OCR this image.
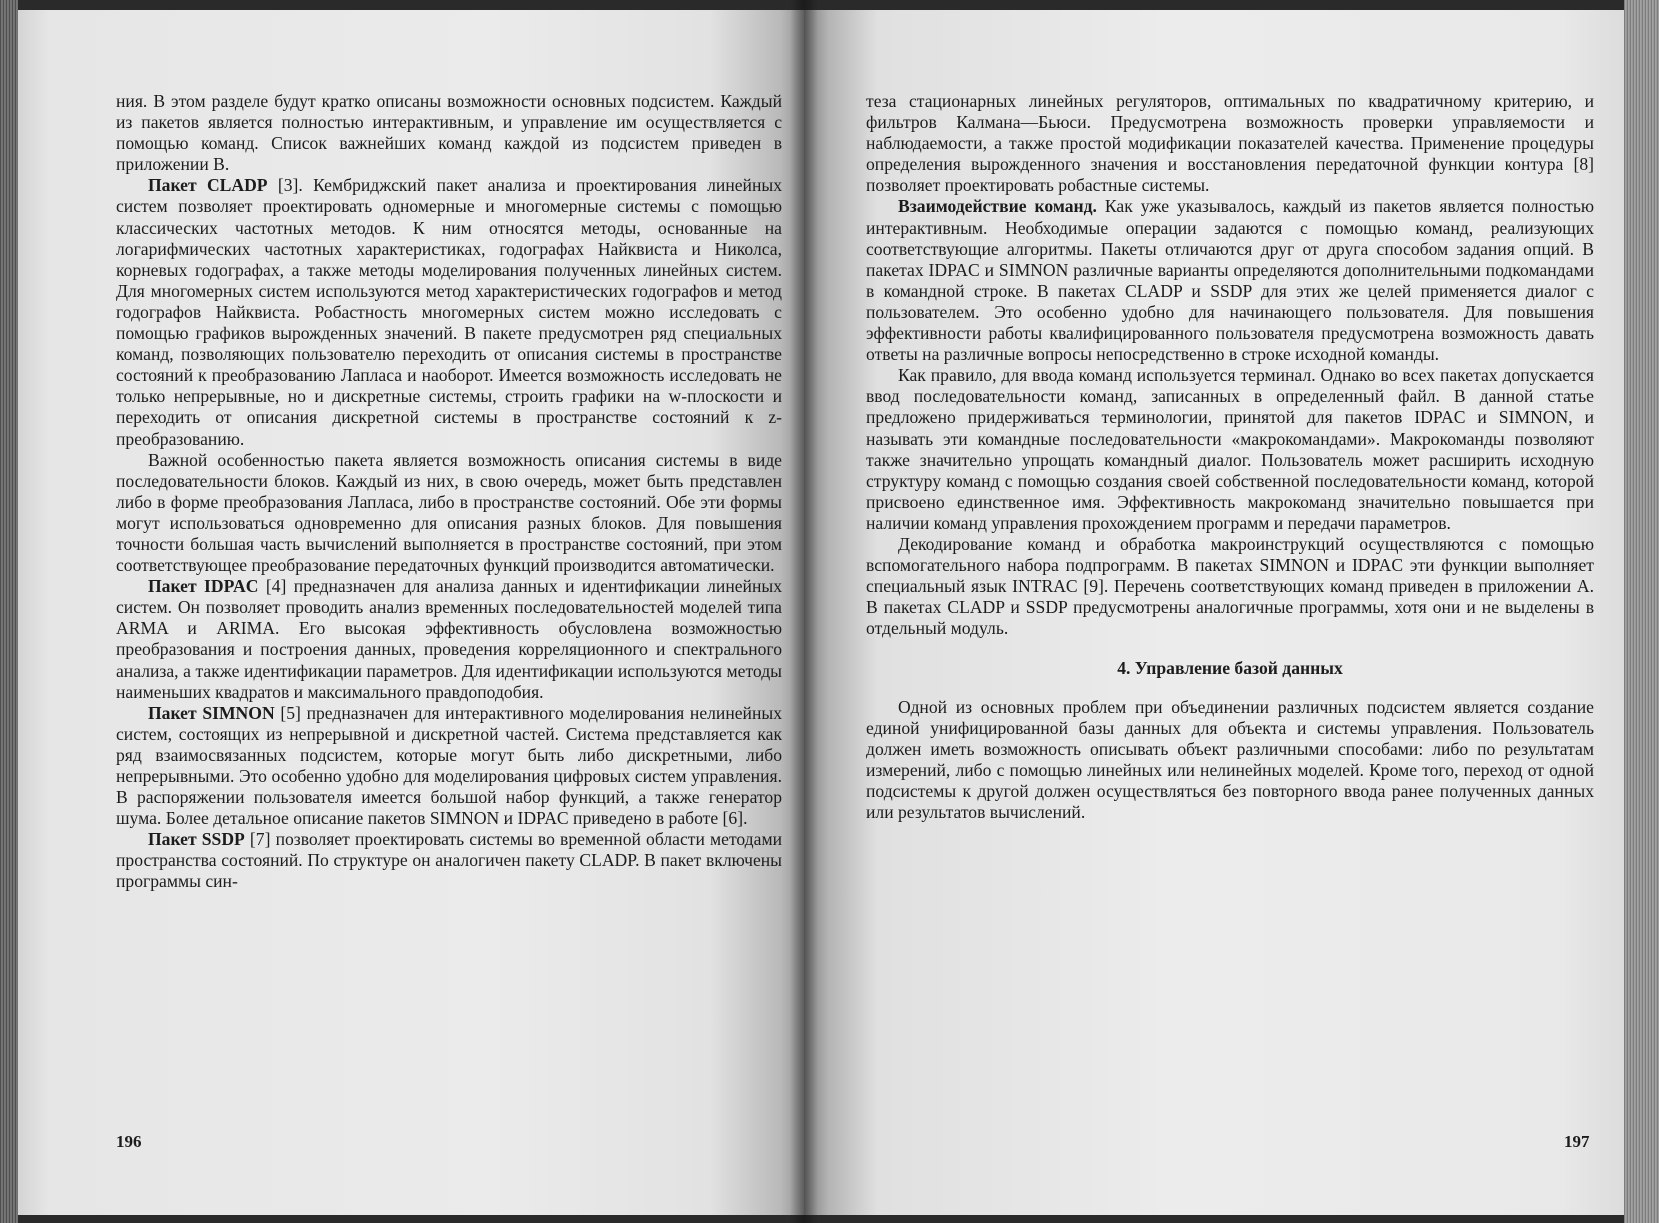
ния. В этом разделе будут кратко описаны возможности основных подсистем. Каждый из пакетов является полностью интерактивным, и управление им осуществляется с помощью команд. Список важнейших команд каждой из подсистем приведен в приложении B.

Пакет CLADP [3]. Кембриджский пакет анализа и проектирования линейных систем позволяет проектировать одномерные и многомерные системы с помощью классических частотных методов. К ним относятся методы, основанные на логарифмических частотных характеристиках, годографах Найквиста и Николса, корневых годографах, а также методы моделирования полученных линейных систем. Для многомерных систем используются метод характеристических годографов и метод годографов Найквиста. Робастность многомерных систем можно исследовать с помощью графиков вырожденных значений. В пакете предусмотрен ряд специальных команд, позволяющих пользователю переходить от описания системы в пространстве состояний к преобразованию Лапласа и наоборот. Имеется возможность исследовать не только непрерывные, но и дискретные системы, строить графики на w-плоскости и переходить от описания дискретной системы в пространстве состояний к z-преобразованию.

Важной особенностью пакета является возможность описания системы в виде последовательности блоков. Каждый из них, в свою очередь, может быть представлен либо в форме преобразования Лапласа, либо в пространстве состояний. Обе эти формы могут использоваться одновременно для описания разных блоков. Для повышения точности большая часть вычислений выполняется в пространстве состояний, при этом соответствующее преобразование передаточных функций производится автоматически.

Пакет IDPAC [4] предназначен для анализа данных и идентификации линейных систем. Он позволяет проводить анализ временных последовательностей моделей типа ARMA и ARIMA. Его высокая эффективность обусловлена возможностью преобразования и построения данных, проведения корреляционного и спектрального анализа, а также идентификации параметров. Для идентификации используются методы наименьших квадратов и максимального правдоподобия.

Пакет SIMNON [5] предназначен для интерактивного моделирования нелинейных систем, состоящих из непрерывной и дискретной частей. Система представляется как ряд взаимосвязанных подсистем, которые могут быть либо дискретными, либо непрерывными. Это особенно удобно для моделирования цифровых систем управления. В распоряжении пользователя имеется большой набор функций, а также генератор шума. Более детальное описание пакетов SIMNON и IDPAC приведено в работе [6].

Пакет SSDP [7] позволяет проектировать системы во временной области методами пространства состояний. По структуре он аналогичен пакету CLADP. В пакет включены программы син-

196

теза стационарных линейных регуляторов, оптимальных по квадратичному критерию, и фильтров Калмана—Бьюси. Предусмотрена возможность проверки управляемости и наблюдаемости, а также простой модификации показателей качества. Применение процедуры определения вырожденного значения и восстановления передаточной функции контура [8] позволяет проектировать робастные системы.

Взаимодействие команд. Как уже указывалось, каждый из пакетов является полностью интерактивным. Необходимые операции задаются с помощью команд, реализующих соответствующие алгоритмы. Пакеты отличаются друг от друга способом задания опций. В пакетах IDPAC и SIMNON различные варианты определяются дополнительными подкомандами в командной строке. В пакетах CLADP и SSDP для этих же целей применяется диалог с пользователем. Это особенно удобно для начинающего пользователя. Для повышения эффективности работы квалифицированного пользователя предусмотрена возможность давать ответы на различные вопросы непосредственно в строке исходной команды.

Как правило, для ввода команд используется терминал. Однако во всех пакетах допускается ввод последовательности команд, записанных в определенный файл. В данной статье предложено придерживаться терминологии, принятой для пакетов IDPAC и SIMNON, и называть эти командные последовательности «макрокомандами». Макрокоманды позволяют также значительно упрощать командный диалог. Пользователь может расширить исходную структуру команд с помощью создания своей собственной последовательности команд, которой присвоено единственное имя. Эффективность макрокоманд значительно повышается при наличии команд управления прохождением программ и передачи параметров.

Декодирование команд и обработка макроинструкций осуществляются с помощью вспомогательного набора подпрограмм. В пакетах SIMNON и IDPAC эти функции выполняет специальный язык INTRAC [9]. Перечень соответствующих команд приведен в приложении A. В пакетах CLADP и SSDP предусмотрены аналогичные программы, хотя они и не выделены в отдельный модуль.

4. Управление базой данных

Одной из основных проблем при объединении различных подсистем является создание единой унифицированной базы данных для объекта и системы управления. Пользователь должен иметь возможность описывать объект различными способами: либо по результатам измерений, либо с помощью линейных или нелинейных моделей. Кроме того, переход от одной подсистемы к другой должен осуществляться без повторного ввода ранее полученных данных или результатов вычислений.

197
